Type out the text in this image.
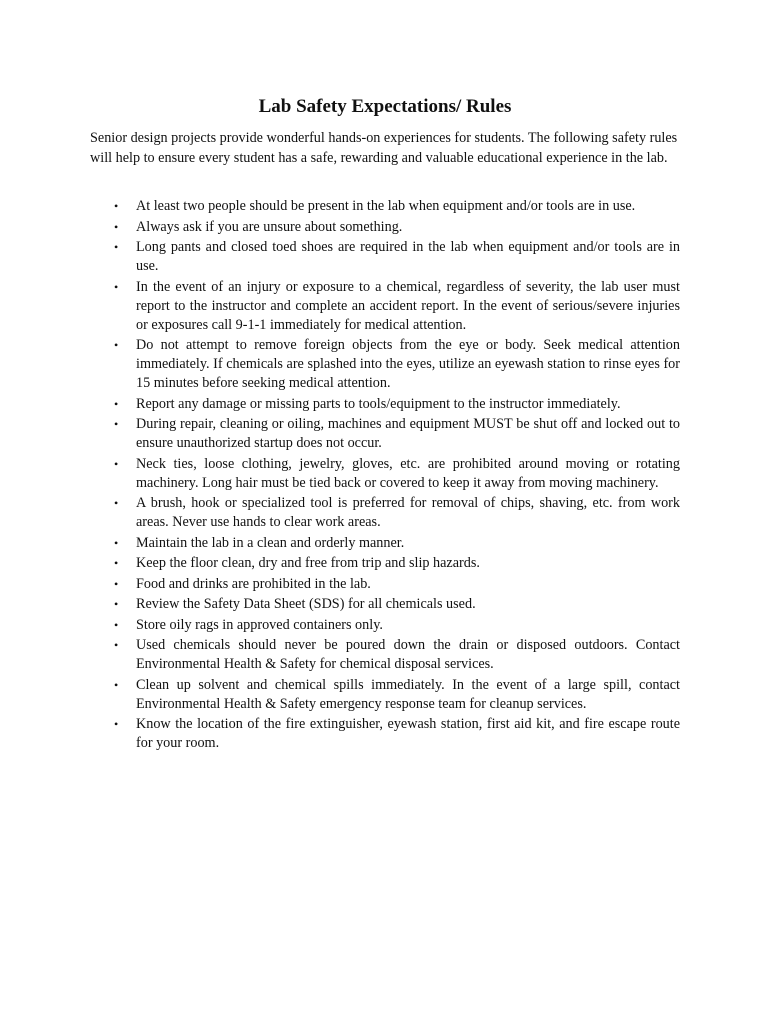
Lab Safety Expectations/ Rules

Senior design projects provide wonderful hands-on experiences for students. The following safety rules will help to ensure every student has a safe, rewarding and valuable educational experience in the lab.

• At least two people should be present in the lab when equipment and/or tools are in use.
• Always ask if you are unsure about something.
• Long pants and closed toed shoes are required in the lab when equipment and/or tools are in use.
• In the event of an injury or exposure to a chemical, regardless of severity, the lab user must report to the instructor and complete an accident report. In the event of serious/severe injuries or exposures call 9-1-1 immediately for medical attention.
• Do not attempt to remove foreign objects from the eye or body. Seek medical attention immediately. If chemicals are splashed into the eyes, utilize an eyewash station to rinse eyes for 15 minutes before seeking medical attention.
• Report any damage or missing parts to tools/equipment to the instructor immediately.
• During repair, cleaning or oiling, machines and equipment MUST be shut off and locked out to ensure unauthorized startup does not occur.
• Neck ties, loose clothing, jewelry, gloves, etc. are prohibited around moving or rotating machinery. Long hair must be tied back or covered to keep it away from moving machinery.
• A brush, hook or specialized tool is preferred for removal of chips, shaving, etc. from work areas. Never use hands to clear work areas.
• Maintain the lab in a clean and orderly manner.
• Keep the floor clean, dry and free from trip and slip hazards.
• Food and drinks are prohibited in the lab.
• Review the Safety Data Sheet (SDS) for all chemicals used.
• Store oily rags in approved containers only.
• Used chemicals should never be poured down the drain or disposed outdoors. Contact Environmental Health & Safety for chemical disposal services.
• Clean up solvent and chemical spills immediately. In the event of a large spill, contact Environmental Health & Safety emergency response team for cleanup services.
• Know the location of the fire extinguisher, eyewash station, first aid kit, and fire escape route for your room.
